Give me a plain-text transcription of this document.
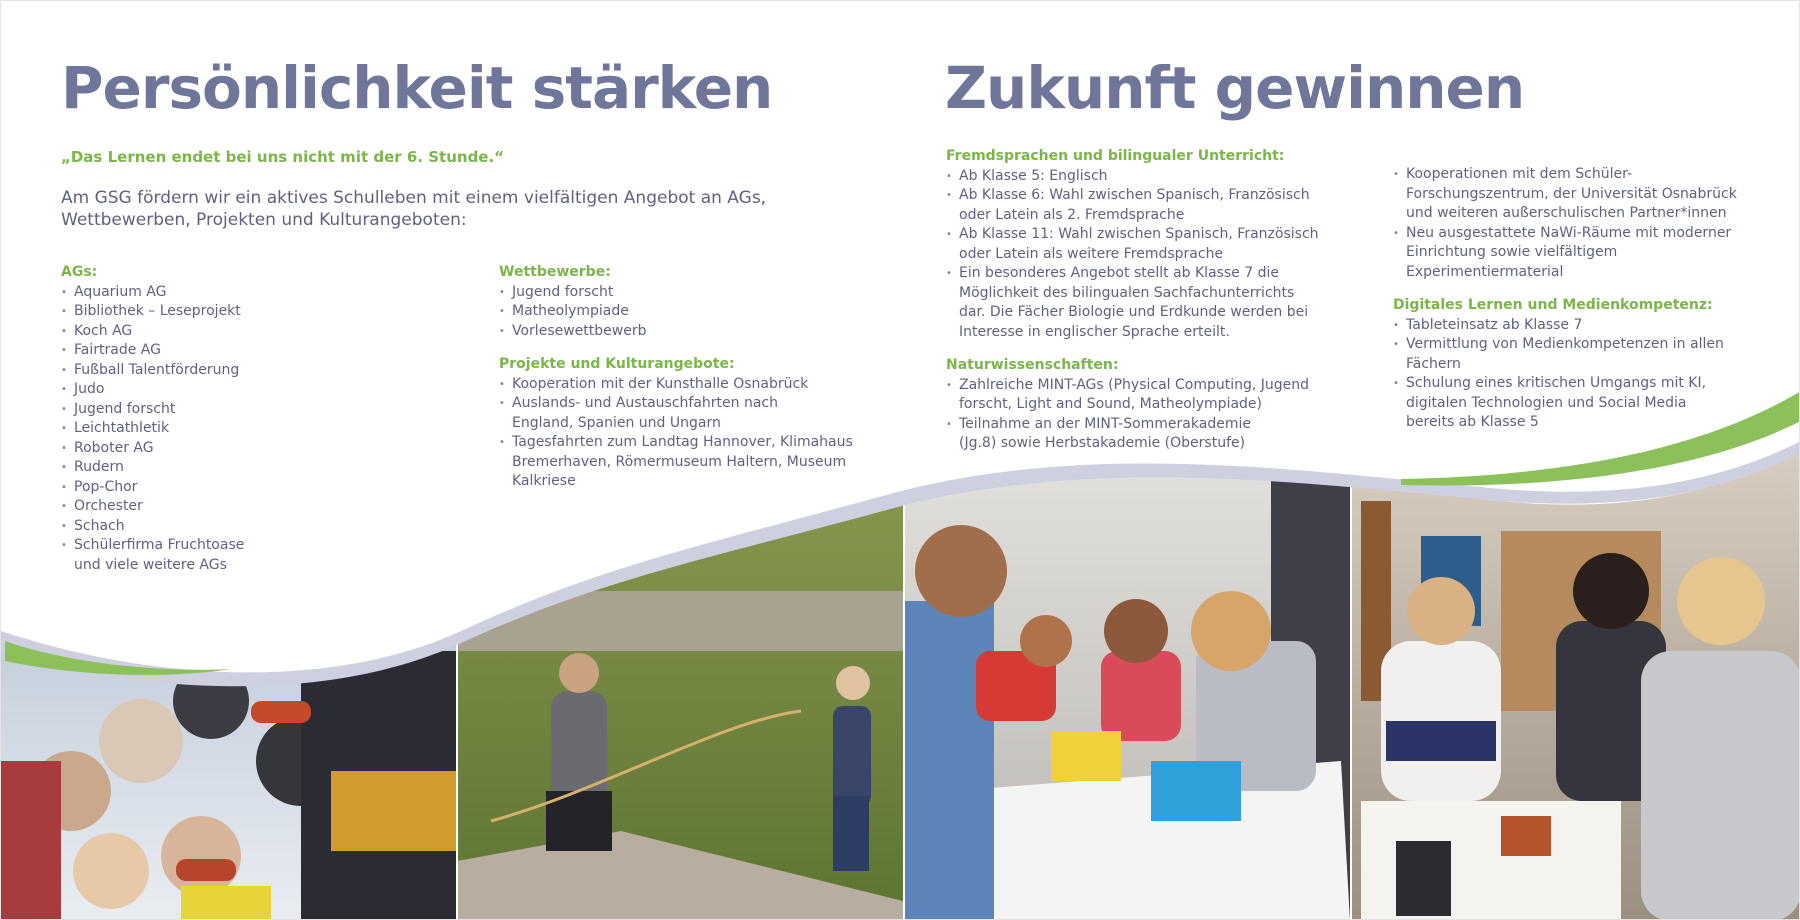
Persönlichkeit stärken
„Das Lernen endet bei uns nicht mit der 6. Stunde.“
Am GSG fördern wir ein aktives Schulleben mit einem vielfältigen Angebot an AGs, Wettbewerben, Projekten und Kulturangeboten:
AGs:
• Aquarium AG
• Bibliothek – Leseprojekt
• Koch AG
• Fairtrade AG
• Fußball Talentförderung
• Judo
• Jugend forscht
• Leichtathletik
• Roboter AG
• Rudern
• Pop-Chor
• Orchester
• Schach
• Schülerfirma Fruchtoase und viele weitere AGs
Wettbewerbe:
• Jugend forscht
• Matheolympiade
• Vorlesewettbewerb
Projekte und Kulturangebote:
• Kooperation mit der Kunsthalle Osnabrück
• Auslands- und Austauschfahrten nach England, Spanien und Ungarn
• Tagesfahrten zum Landtag Hannover, Klimahaus Bremerhaven, Römermuseum Haltern, Museum Kalkriese
Zukunft gewinnen
Fremdsprachen und bilingualer Unterricht:
• Ab Klasse 5: Englisch
• Ab Klasse 6: Wahl zwischen Spanisch, Französisch oder Latein als 2. Fremdsprache
• Ab Klasse 11: Wahl zwischen Spanisch, Französisch oder Latein als weitere Fremdsprache
• Ein besonderes Angebot stellt ab Klasse 7 die Möglichkeit des bilingualen Sachfachunterrichts dar. Die Fächer Biologie und Erdkunde werden bei Interesse in englischer Sprache erteilt.
Naturwissenschaften:
• Zahlreiche MINT-AGs (Physical Computing, Jugend forscht, Light and Sound, Matheolympiade)
• Teilnahme an der MINT-Sommerakademie (Jg.8) sowie Herbstakademie (Oberstufe)
• Kooperationen mit dem Schüler-Forschungszentrum, der Universität Osnabrück und weiteren außerschulischen Partner*innen
• Neu ausgestattete NaWi-Räume mit moderner Einrichtung sowie vielfältigem Experimentiermaterial
Digitales Lernen und Medienkompetenz:
• Tableteinsatz ab Klasse 7
• Vermittlung von Medienkompetenzen in allen Fächern
• Schulung eines kritischen Umgangs mit KI, digitalen Technologien und Social Media bereits ab Klasse 5
